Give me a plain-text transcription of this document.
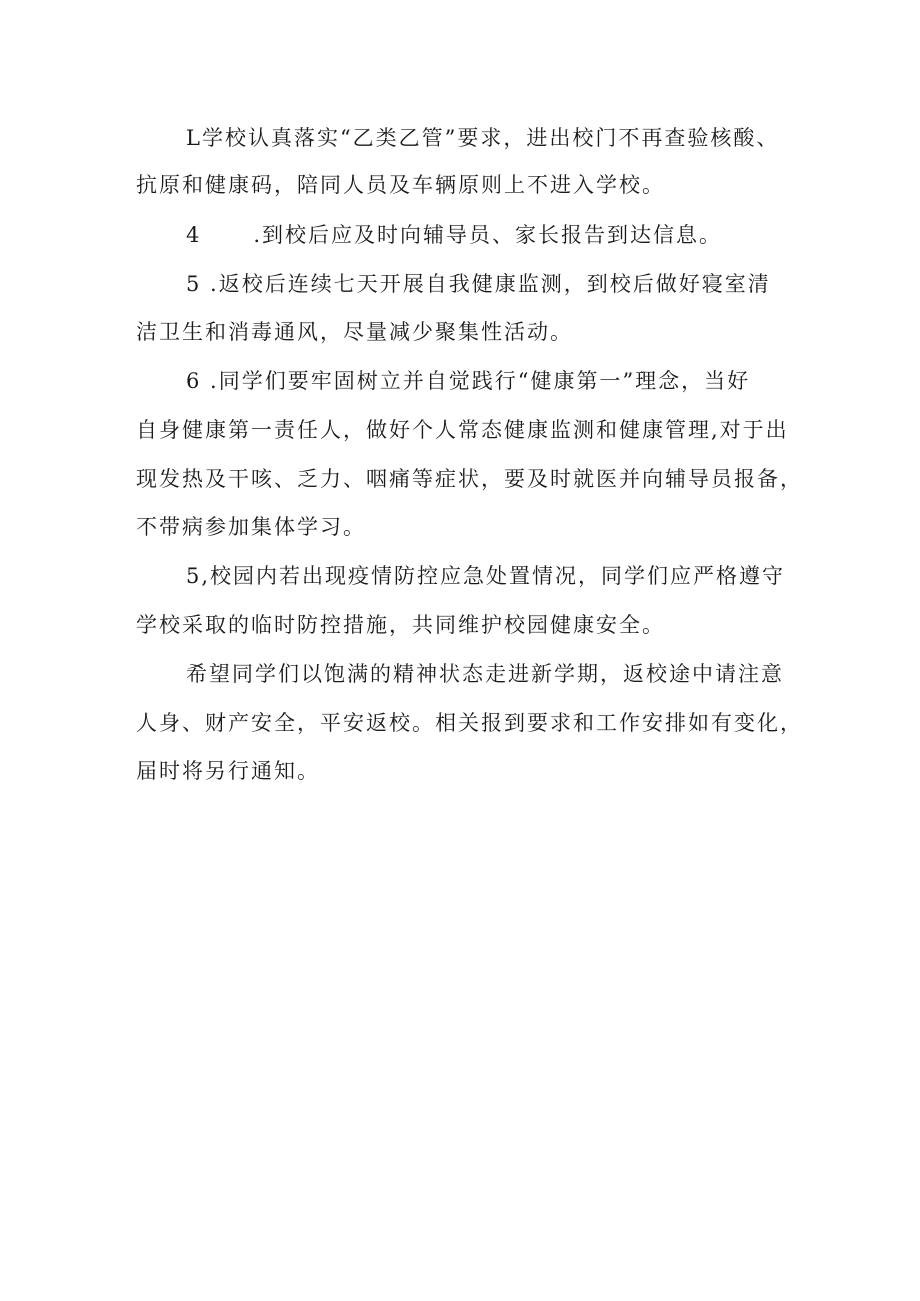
L学校认真落实“乙类乙管”要求，进出校门不再查验核酸、

抗原和健康码，陪同人员及车辆原则上不进入学校。

4 .到校后应及时向辅导员、家长报告到达信息。

5 .返校后连续七天开展自我健康监测，到校后做好寝室清

洁卫生和消毒通风，尽量减少聚集性活动。

6 .同学们要牢固树立并自觉践行“健康第一”理念，当好

自身健康第一责任人，做好个人常态健康监测和健康管理,对于出

现发热及干咳、乏力、咽痛等症状，要及时就医并向辅导员报备，

不带病参加集体学习。

5,校园内若出现疫情防控应急处置情况，同学们应严格遵守

学校采取的临时防控措施，共同维护校园健康安全。

希望同学们以饱满的精神状态走进新学期，返校途中请注意

人身、财产安全，平安返校。相关报到要求和工作安排如有变化，

届时将另行通知。
